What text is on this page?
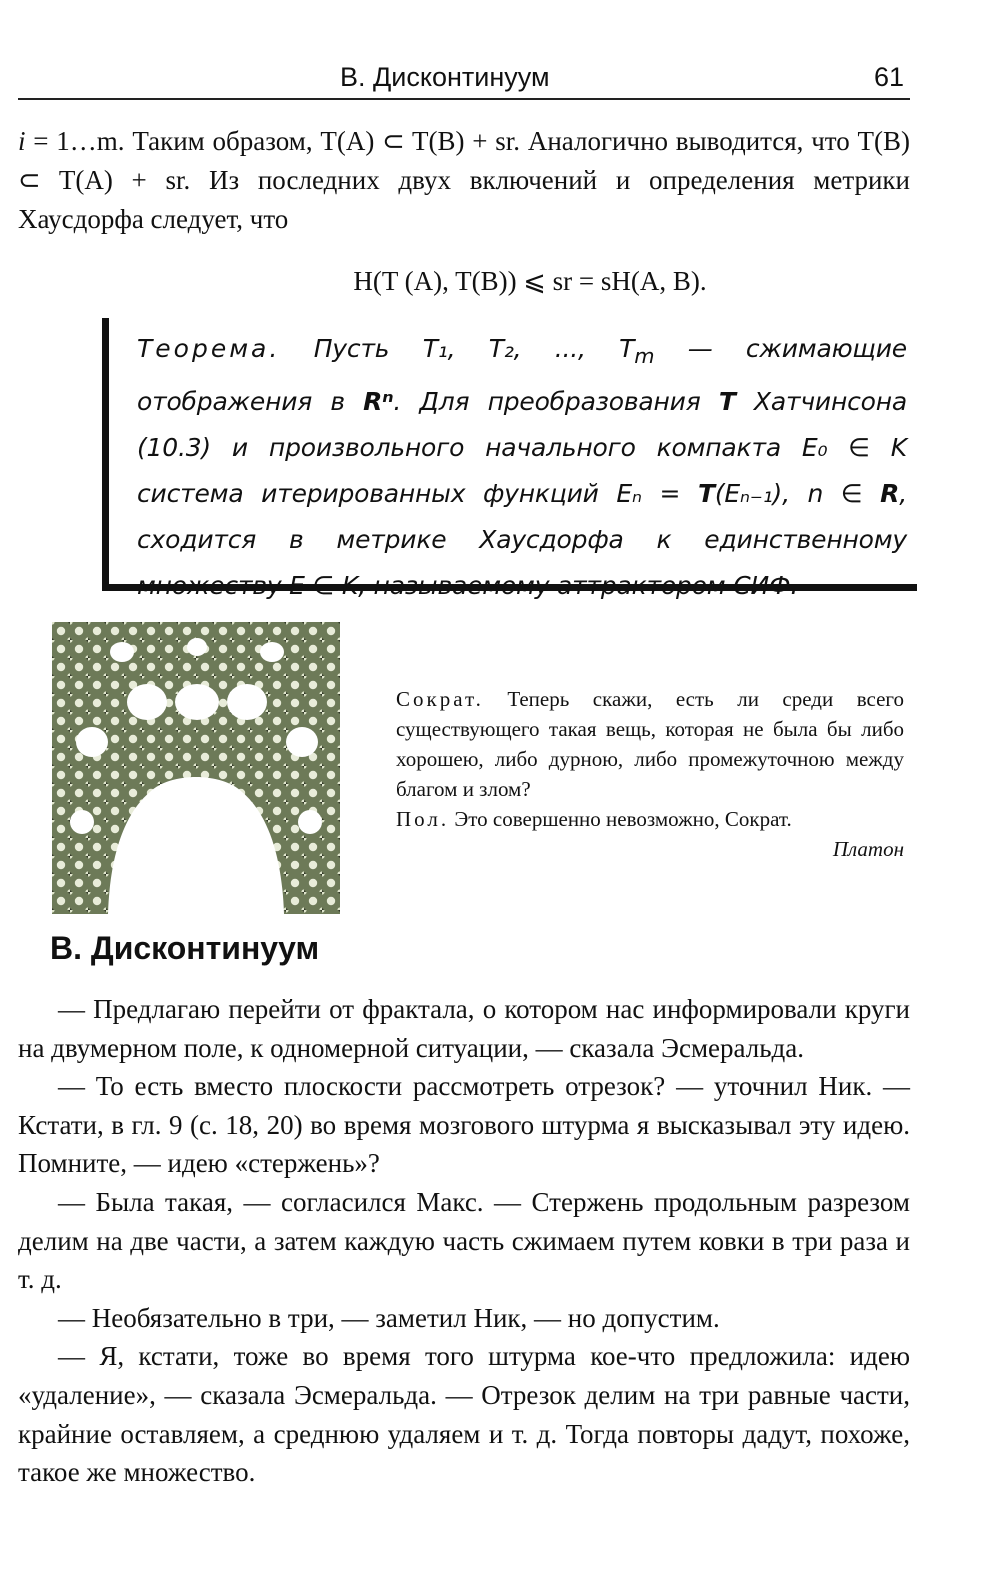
В. Дисконтинуум	61

i = 1…m. Таким образом, T(A) ⊂ T(B) + sr. Аналогично выводится, что T(B) ⊂ T(A) + sr. Из последних двух включений и определения метрики Хаусдорфа следует, что

H(T (A), T(B)) ⩽ sr = sH(A, B).
Теорема. Пусть T₁, T₂, ..., $T_m$ — сжимающие отображения в Rⁿ. Для преобразования T Хатчинсона (10.3) и произвольного начального компакта E₀ ∈ K система итерированных функций Eₙ = T(Eₙ₋₁), n ∈ R, сходится в метрике Хаусдорфа к единственному множеству E ∈ K, называемому аттрактором СИФ.

Сократ. Теперь скажи, есть ли среди всего существующего такая вещь, которая не была бы либо хорошею, либо дурною, либо промежуточною между благом и злом?

Пол. Это совершенно невозможно, Сократ.

Платон

В. Дисконтинуум

— Предлагаю перейти от фрактала, о котором нас информировали круги на двумерном поле, к одномерной ситуации, — сказала Эсмеральда.

— То есть вместо плоскости рассмотреть отрезок? — уточнил Ник. — Кстати, в гл. 9 (с. 18, 20) во время мозгового штурма я высказывал эту идею. Помните, — идею «стержень»?

— Была такая, — согласился Макс. — Стержень продольным разрезом делим на две части, а затем каждую часть сжимаем путем ковки в три раза и т. д.

— Необязательно в три, — заметил Ник, — но допустим.

— Я, кстати, тоже во время того штурма кое-что предложила: идею «удаление», — сказала Эсмеральда. — Отрезок делим на три равные части, крайние оставляем, а среднюю удаляем и т. д. Тогда повторы дадут, похоже, такое же множество.
